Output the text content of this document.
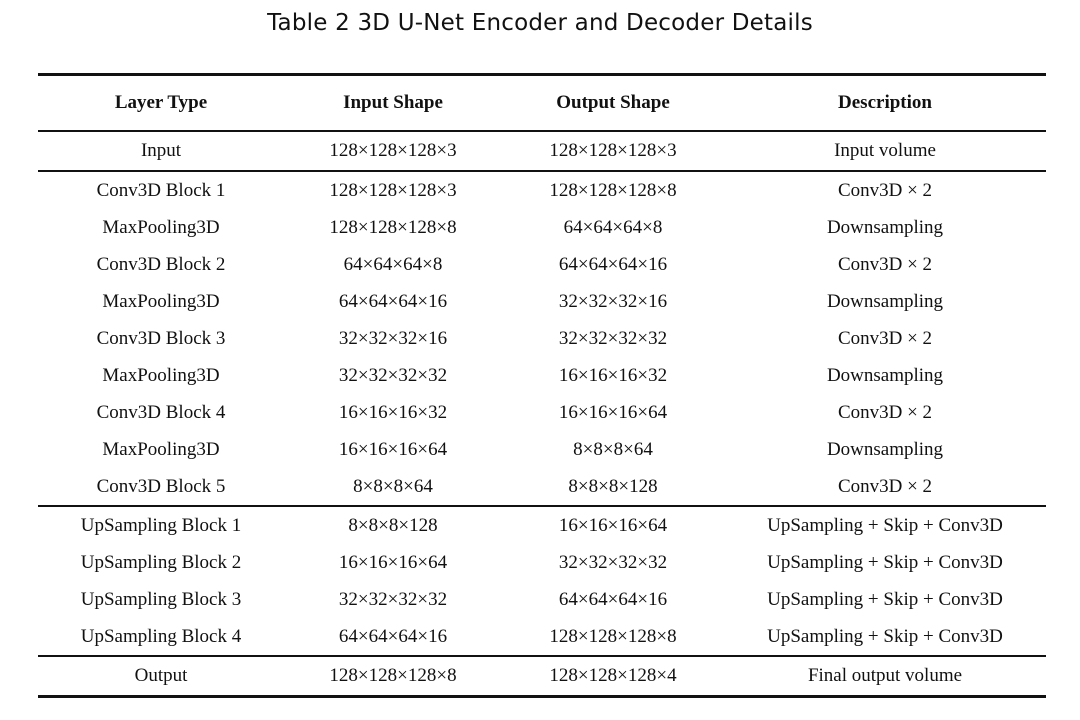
Table 2 3D U-Net Encoder and Decoder Details
Layer Type	Input Shape	Output Shape	Description
Input	128×128×128×3	128×128×128×3	Input volume
Conv3D Block 1	128×128×128×3	128×128×128×8	Conv3D × 2
MaxPooling3D	128×128×128×8	64×64×64×8	Downsampling
Conv3D Block 2	64×64×64×8	64×64×64×16	Conv3D × 2
MaxPooling3D	64×64×64×16	32×32×32×16	Downsampling
Conv3D Block 3	32×32×32×16	32×32×32×32	Conv3D × 2
MaxPooling3D	32×32×32×32	16×16×16×32	Downsampling
Conv3D Block 4	16×16×16×32	16×16×16×64	Conv3D × 2
MaxPooling3D	16×16×16×64	8×8×8×64	Downsampling
Conv3D Block 5	8×8×8×64	8×8×8×128	Conv3D × 2
UpSampling Block 1	8×8×8×128	16×16×16×64	UpSampling + Skip + Conv3D
UpSampling Block 2	16×16×16×64	32×32×32×32	UpSampling + Skip + Conv3D
UpSampling Block 3	32×32×32×32	64×64×64×16	UpSampling + Skip + Conv3D
UpSampling Block 4	64×64×64×16	128×128×128×8	UpSampling + Skip + Conv3D
Output	128×128×128×8	128×128×128×4	Final output volume
